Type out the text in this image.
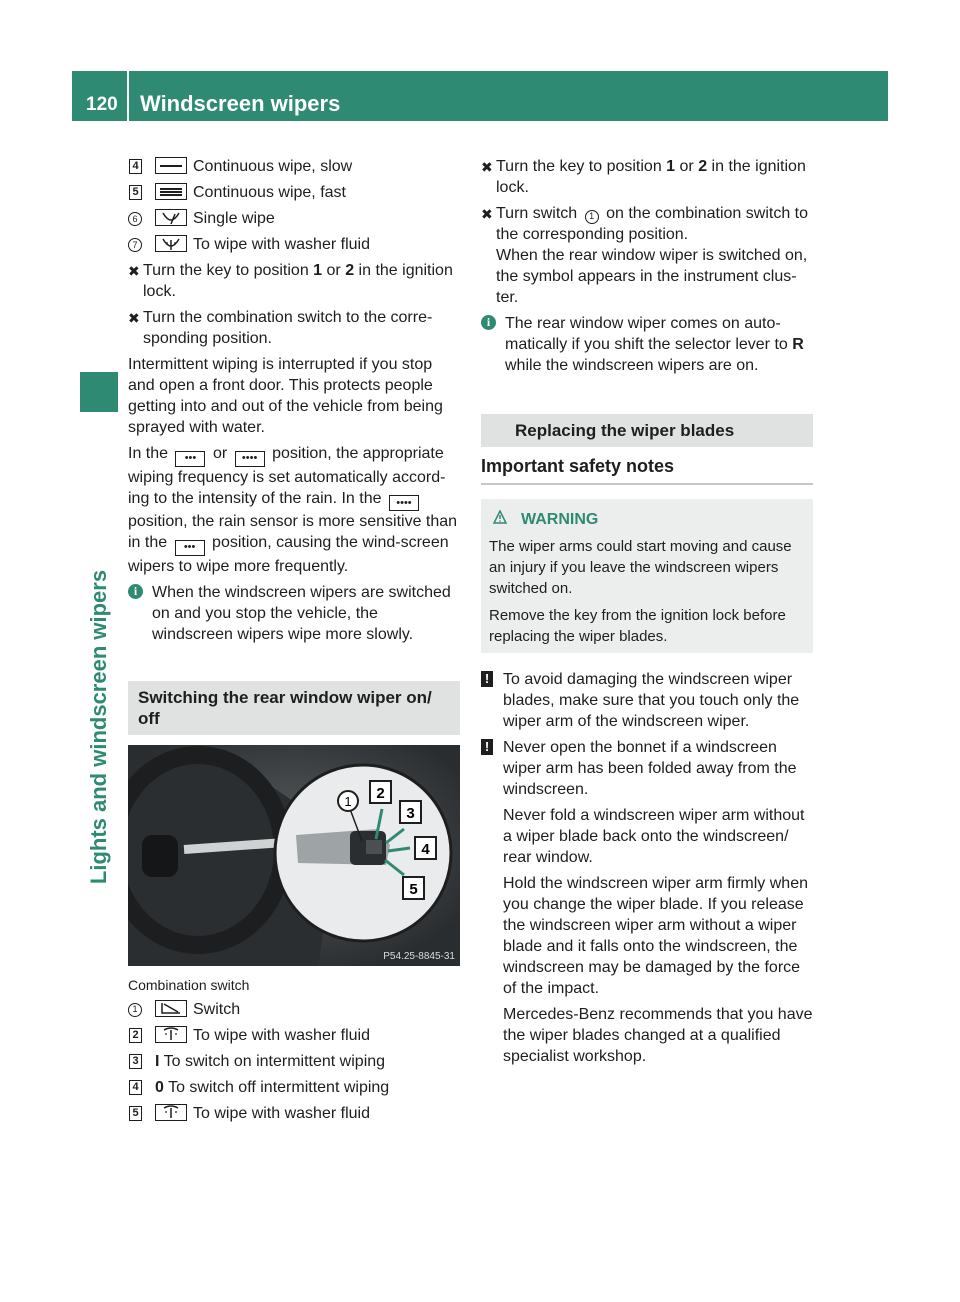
120 Windscreen wipers
Lights and windscreen wipers
4	Continuous wipe, slow
5	Continuous wipe, fast
6	Single wipe
7	To wipe with washer fluid
✖ Turn the key to position 1 or 2 in the ignition lock.
✖ Turn the combination switch to the corre-sponding position.
Intermittent wiping is interrupted if you stop and open a front door. This protects people getting into and out of the vehicle from being sprayed with water.
In the ••• or •••• position, the appropriate wiping frequency is set automatically accord-ing to the intensity of the rain. In the •••• position, the rain sensor is more sensitive than in the ••• position, causing the wind-screen wipers to wipe more frequently.
i When the windscreen wipers are switched on and you stop the vehicle, the windscreen wipers wipe more slowly.
Switching the rear window wiper on/ off
1 2
3
4
5
P54.25-8845-31
Combination switch
1	Switch
2	To wipe with washer fluid
3 I To switch on intermittent wiping
4 0 To switch off intermittent wiping
5	To wipe with washer fluid
✖ Turn the key to position 1 or 2 in the ignition lock.
✖ Turn switch 1 on the combination switch to the corresponding position.
When the rear window wiper is switched on, the symbol appears in the instrument clus-ter.
i The rear window wiper comes on auto-matically if you shift the selector lever to R while the windscreen wipers are on.
Replacing the wiper blades
Important safety notes
WARNING
The wiper arms could start moving and cause an injury if you leave the windscreen wipers switched on.
Remove the key from the ignition lock before replacing the wiper blades.
! To avoid damaging the windscreen wiper blades, make sure that you touch only the wiper arm of the windscreen wiper.
! Never open the bonnet if a windscreen wiper arm has been folded away from the windscreen.
Never fold a windscreen wiper arm without a wiper blade back onto the windscreen/ rear window.
Hold the windscreen wiper arm firmly when you change the wiper blade. If you release the windscreen wiper arm without a wiper blade and it falls onto the windscreen, the windscreen may be damaged by the force of the impact.
Mercedes-Benz recommends that you have the wiper blades changed at a qualified specialist workshop.
